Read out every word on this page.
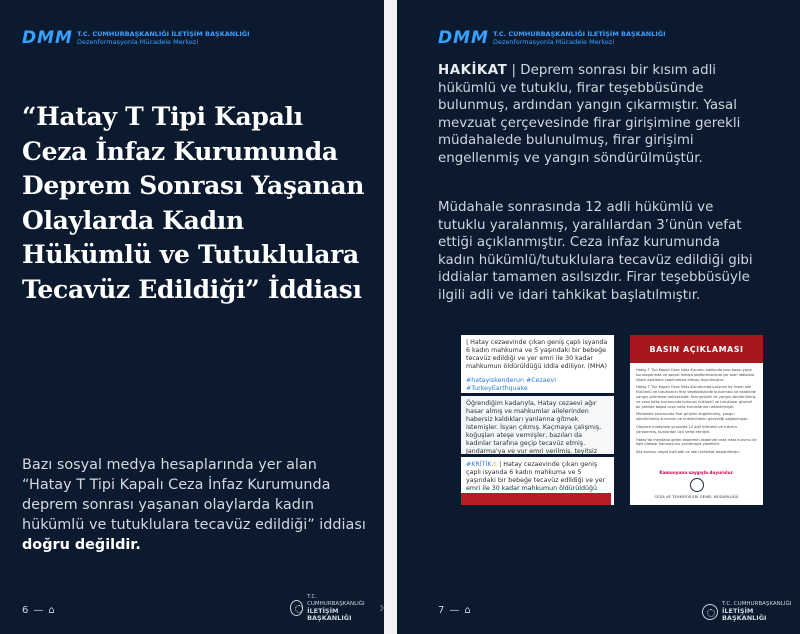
DMM T.C. CUMHURBAŞKANLIĞI İLETİŞİM BAŞKANLIĞI
Dezenformasyonla Mücadele Merkezi
“Hatay T Tipi Kapalı Ceza İnfaz Kurumunda Deprem Sonrası Yaşanan Olaylarda Kadın Hükümlü ve Tutuklulara Tecavüz Edildiği” İddiası

Bazı sosyal medya hesaplarında yer alan “Hatay T Tipi Kapalı Ceza İnfaz Kurumunda deprem sonrası yaşanan olaylarda kadın hükümlü ve tutuklulara tecavüz edildiği” iddiası doğru değildir.

6 — ⌂
T.C. CUMHURBAŞKANLIĞI
İLETİŞİM BAŞKANLIĞI
☽
DMM T.C. CUMHURBAŞKANLIĞI İLETİŞİM BAŞKANLIĞI
Dezenformasyonla Mücadele Merkezi

HAKİKAT | Deprem sonrası bir kısım adli hükümlü ve tutuklu, firar teşebbüsünde bulunmuş, ardından yangın çıkarmıştır. Yasal mevzuat çerçevesinde firar girişimine gerekli müdahalede bulunulmuş, firar girişimi engellenmiş ve yangın söndürülmüştür.

Müdahale sonrasında 12 adli hükümlü ve tutuklu yaralanmış, yaralılardan 3’ünün vefat ettiği açıklanmıştır. Ceza infaz kurumunda kadın hükümlü/tutuklulara tecavüz edildiği gibi iddialar tamamen asılsızdır. Firar teşebbüsüyle ilgili adli ve idari tahkikat başlatılmıştır.

| Hatay cezaevinde çıkan geniş çaplı isyanda 6 kadın mahkuma ve 5 yaşındaki bir bebeğe tecavüz edildiği ve yer emri ile 30 kadar mahkumun öldürüldüğü iddia ediliyor. (MHA)
#hatayiskenderun #Cezaevi #TurkeyEarthquake
Öğrendiğim kadarıyla, Hatay cezaevi ağır hasar almış ve mahkumlar ailelerinden habersiz kaldıkları yanlarına gitmek istemişler. İsyan çıkmış. Kaçmaya çalışmış, koğuşları ateşe vermişler, bazıları da kadınlar tarafına geçip tecavüz etmiş. Jandarma'ya ve vur emri verilmiş. teyitsiz
#KRİTİK⚠ | Hatay cezaevinde çıkan geniş çaplı isyanda 6 kadın mahkuma ve 5 yaşındaki bir bebeğe tecavüz edildiği ve yer emri ile 30 kadar mahkumun öldürüldüğü
BASIN AÇIKLAMASI

Hatay T Tipi Kapalı Ceza İnfaz Kurumu hakkında bazı basın-yayın kuruluşlarında ve sosyal medya platformlarında yer alan iddialara ilişkin açıklama yapılmasına ihtiyaç duyulmuştur.

Hatay T Tipi Kapalı Ceza İnfaz Kurumunda bulunan bir kısım adli hükümlü ve tutuklunun firar teşebbüsünde bulunması ve akabinde yangın çıkarması neticesinde; firar girişimi ile yangın söndürülmüş ve ceza infaz kurumunda bulunan hükümlü ve tutuklular güvenli bir şekilde başka ceza infaz kurumlarına nakledilmiştir.

Müdahale sonrasında firar girişimi engellenmiş, yangın söndürülmüş kurumun ve hükümlülerin güvenliği sağlanmıştır.

Olaylara müdahale sırasında 12 adli hükümlü ve tutuklu yaralanmış, bunlardan üçü vefat etmiştir.

Hatay'da meydana gelen depremin akabinde ceza infaz kurumu ile ilgili iddialar kamuoyunu yanıltmaya yöneliktir.

Söz konusu olayla ilgili adli ve idari tahkikat başlatılmıştır.

Kamuoyuna saygıyla duyurulur.
CEZA VE TEVKİFEVLERİ GENEL MÜDÜRLÜĞÜ
7 — ⌂
T.C. CUMHURBAŞKANLIĞI
İLETİŞİM BAŞKANLIĞI
